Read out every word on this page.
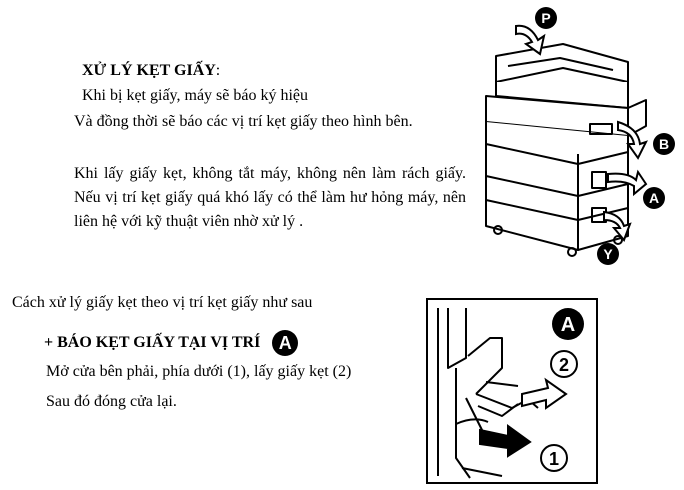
XỬ LÝ KẸT GIẤY:
Khi bị kẹt giấy, máy sẽ báo ký hiệu
Và đồng thời sẽ báo các vị trí kẹt giấy theo hình bên.
Khi lấy giấy kẹt, không tắt máy, không nên làm rách giấy. Nếu vị trí kẹt giấy quá khó lấy có thể làm hư hỏng máy, nên liên hệ với kỹ thuật viên nhờ xử lý .
P
B
A
Y
Cách xử lý giấy kẹt theo vị trí kẹt giấy như sau
+ BÁO KẸT GIẤY TẠI VỊ TRÍ	A
Mở cửa bên phải, phía dưới (1), lấy giấy kẹt (2)
Sau đó đóng cửa lại.
A
2
1
